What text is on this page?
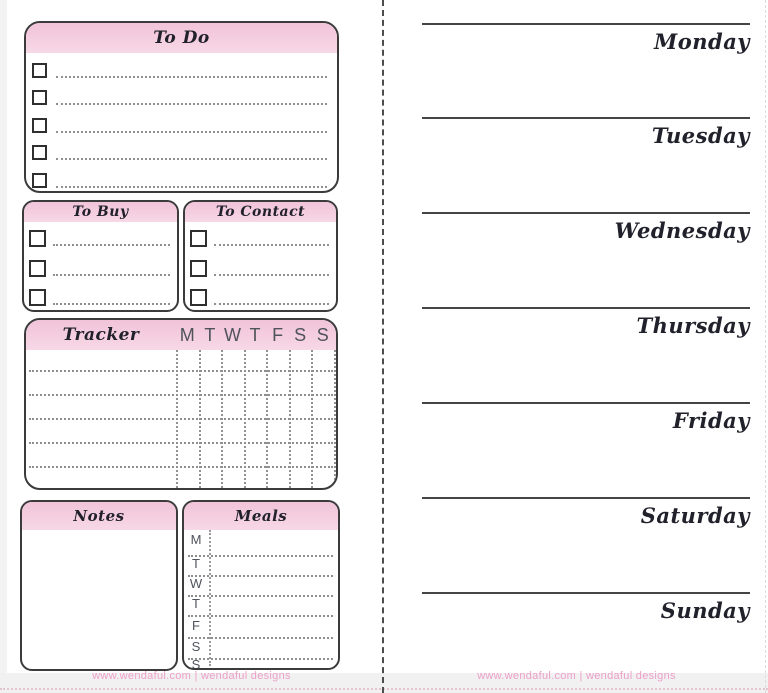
To Do
To Buy	To Contact
Tracker M T W T F S S
Notes	Meals
M
T
W
T
F
S
S
www.wendaful.com | wendaful designs
Monday
Tuesday
Wednesday
Thursday
Friday
Saturday
Sunday
www.wendaful.com | wendaful designs
